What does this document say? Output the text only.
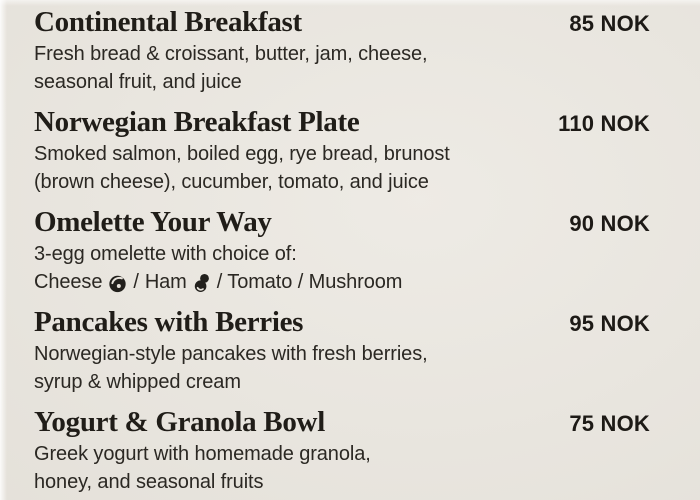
Continental Breakfast	85 NOK
Fresh bread & croissant, butter, jam, cheese,
seasonal fruit, and juice
Norwegian Breakfast Plate	110 NOK
Smoked salmon, boiled egg, rye bread, brunost
(brown cheese), cucumber, tomato, and juice
Omelette Your Way	90 NOK
3-egg omelette with choice of:
Cheese / Ham / Tomato / Mushroom
Pancakes with Berries	95 NOK
Norwegian-style pancakes with fresh berries,
syrup & whipped cream
Yogurt & Granola Bowl	75 NOK
Greek yogurt with homemade granola,
honey, and seasonal fruits
